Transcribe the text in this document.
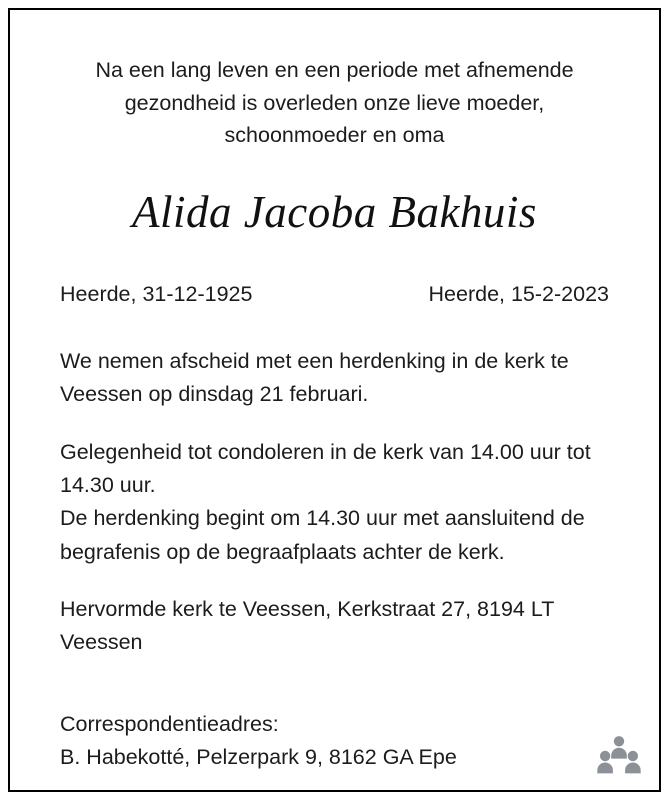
Na een lang leven en een periode met afnemende gezondheid is overleden onze lieve moeder, schoonmoeder en oma
Alida Jacoba Bakhuis
Heerde, 31-12-1925	Heerde, 15-2-2023
We nemen afscheid met een herdenking in de kerk te Veessen op dinsdag 21 februari.
Gelegenheid tot condoleren in de kerk van 14.00 uur tot 14.30 uur.
De herdenking begint om 14.30 uur met aansluitend de begrafenis op de begraafplaats achter de kerk.
Hervormde kerk te Veessen, Kerkstraat 27, 8194 LT Veessen
Correspondentieadres:
B. Habekotté, Pelzerpark 9, 8162 GA Epe
